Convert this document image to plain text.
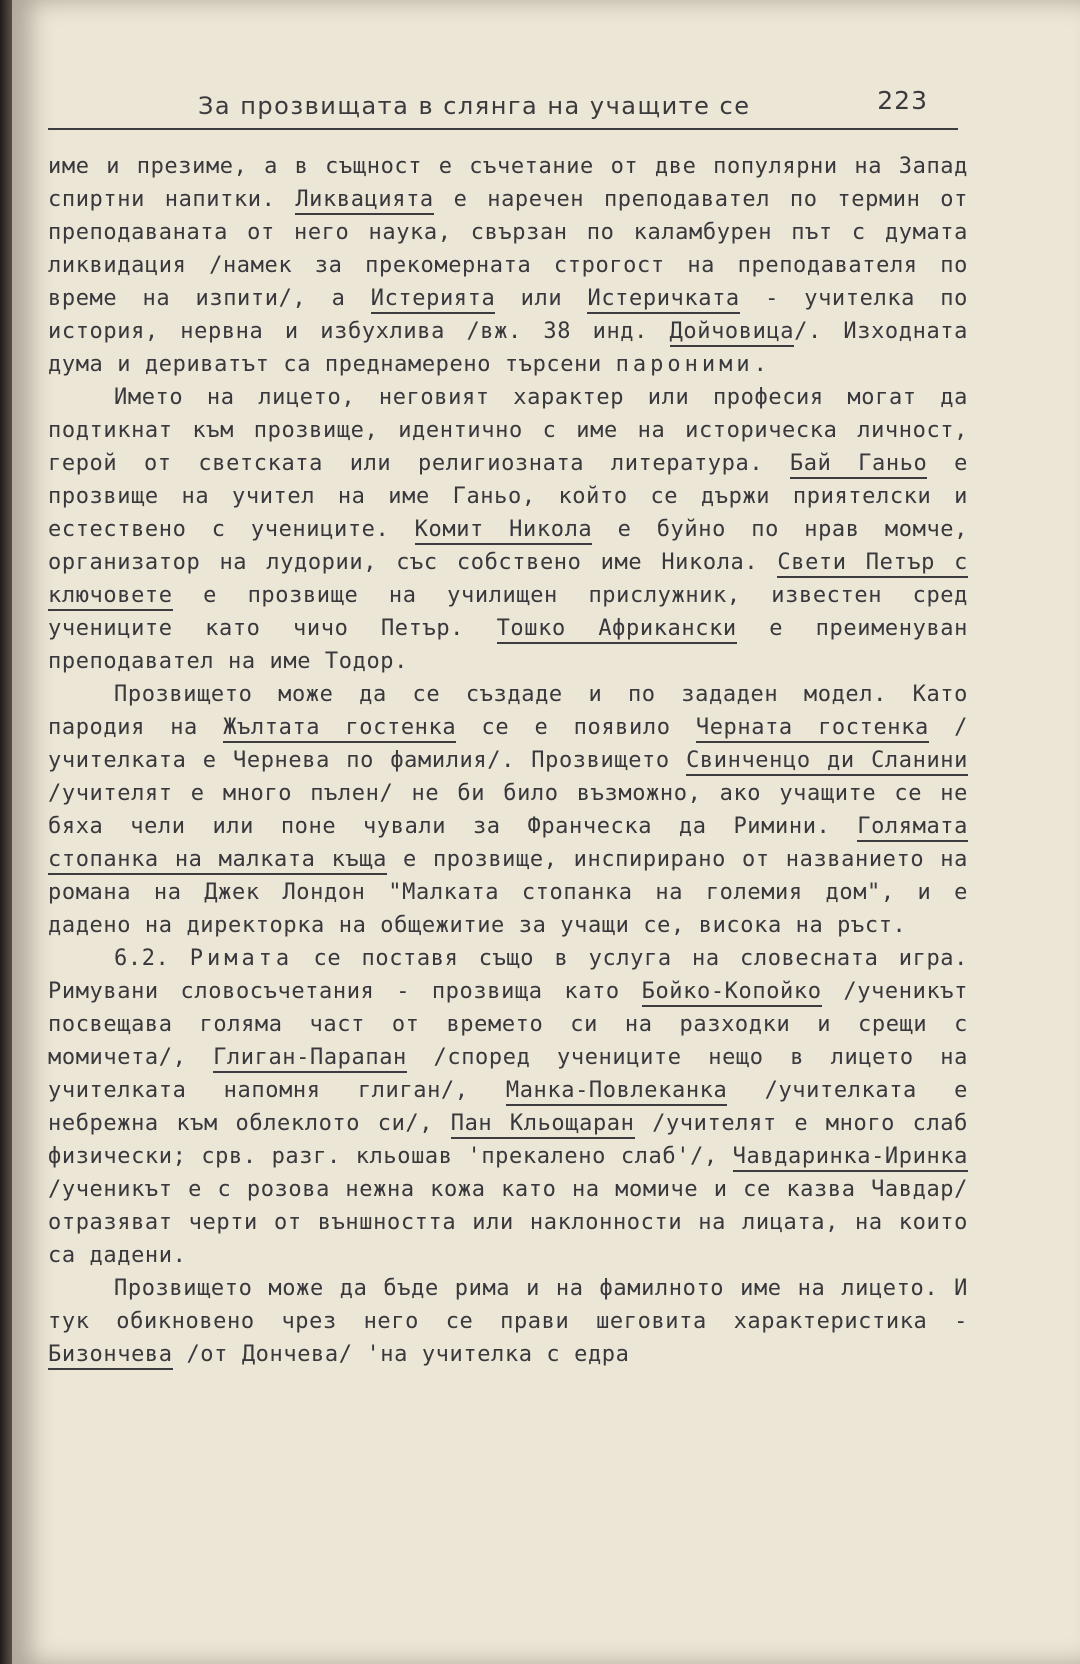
За прозвищата в слянга на учащите се	223

име и презиме, а в същност е съчетание от две популярни на Запад спиртни напитки. Ликвацията е наречен преподавател по термин от преподаваната от него наука, свързан по каламбурен път с думата ликвидация /намек за прекомерната строгост на преподавателя по време на изпити/, а Истерията или Истеричката - учителка по история, нервна и избухлива /вж. 38 инд. Дойчовица/. Изходната дума и дериватът са преднамерено търсени пароними.

Името на лицето, неговият характер или професия могат да подтикнат към прозвище, идентично с име на историческа личност, герой от светската или религиозната литература. Бай Ганьо е прозвище на учител на име Ганьо, който се държи приятелски и естествено с учениците. Комит Никола е буйно по нрав момче, организатор на лудории, със собствено име Никола. Свети Петър с ключовете е прозвище на училищен прислужник, известен сред учениците като чичо Петър. Тошко Африкански е преименуван преподавател на име Тодор.

Прозвището може да се създаде и по зададен модел. Като пародия на Жълтата гостенка се е появило Черната гостенка /учителката е Чернева по фамилия/. Прозвището Свинченцо ди Сланини /учителят е много пълен/ не би било възможно, ако учащите се не бяха чели или поне чували за Франческа да Римини. Голямата стопанка на малката къща е прозвище, инспирирано от названието на романа на Джек Лондон "Малката стопанка на големия дом", и е дадено на директорка на общежитие за учащи се, висока на ръст.

6.2. Римата се поставя също в услуга на словесната игра. Римувани словосъчетания - прозвища като Бойко-Копойко /ученикът посвещава голяма част от времето си на разходки и срещи с момичета/, Глиган-Парапан /според учениците нещо в лицето на учителката напомня глиган/, Манка-Повлеканка /учителката е небрежна към облеклото си/, Пан Кльощаран /учителят е много слаб физически; срв. разг. кльошав 'прекалено слаб'/, Чавдаринка-Иринка /ученикът е с розова нежна кожа като на момиче и се казва Чавдар/ отразяват черти от външността или наклонности на лицата, на които са дадени.

Прозвището може да бъде рима и на фамилното име на лицето. И тук обикновено чрез него се прави шеговита характеристика - Бизончева /от Дончева/ 'на учителка с едра
